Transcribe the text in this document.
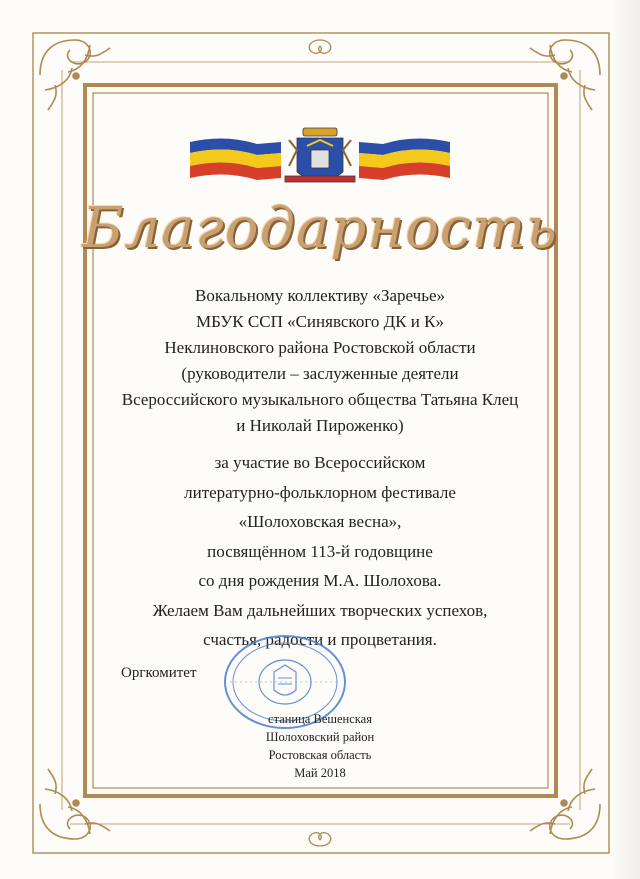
Благодарность
Вокальному коллективу «Заречье»
МБУК ССП «Синявского ДК и К»
Неклиновского района Ростовской области
(руководители – заслуженные деятели
Всероссийского музыкального общества Татьяна Клец
и Николай Пироженко)
за участие во Всероссийском
литературно-фольклорном фестивале
«Шолоховская весна»,
посвящённом 113-й годовщине
со дня рождения М.А. Шолохова.
Желаем Вам дальнейших творческих успехов,
счастья, радости и процветания.
Оргкомитет
станица Вешенская
Шолоховский район
Ростовская область
Май 2018
